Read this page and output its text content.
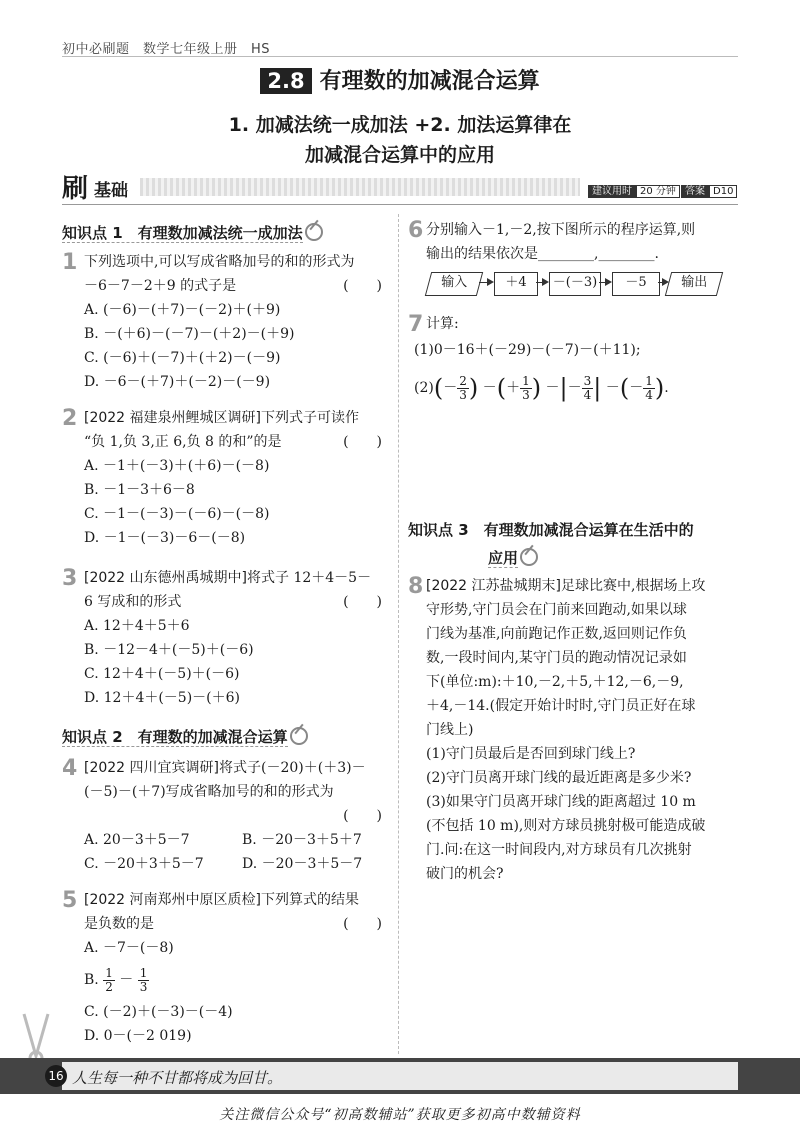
初中必刷题　数学七年级上册　HS
2.8 有理数的加减混合运算
1. 加减法统一成加法 +2. 加法运算律在
加减混合运算中的应用
刷 基础	建议用时 20 分钟 答案 D10
知识点 1　有理数加减法统一成加法
1 下列选项中,可以写成省略加号的和的形式为
－6－7－2＋9 的式子是	(　　)
A. (－6)－(＋7)－(－2)＋(＋9)
B. －(＋6)－(－7)－(＋2)－(＋9)
C. (－6)＋(－7)＋(＋2)－(－9)
D. －6－(＋7)＋(－2)－(－9)
2 [2022 福建泉州鲤城区调研]下列式子可读作
“负 1,负 3,正 6,负 8 的和”的是	(　　)
A. －1＋(－3)＋(＋6)－(－8)
B. －1－3＋6－8
C. －1－(－3)－(－6)－(－8)
D. －1－(－3)－6－(－8)
3 [2022 山东德州禹城期中]将式子 12＋4－5－
6 写成和的形式	(　　)
A. 12＋4＋5＋6
B. －12－4＋(－5)＋(－6)
C. 12＋4＋(－5)＋(－6)
D. 12＋4＋(－5)－(＋6)
知识点 2　有理数的加减混合运算
4 [2022 四川宜宾调研]将式子(－20)＋(＋3)－
(－5)－(＋7)写成省略加号的和的形式为
(　　)
A. 20－3＋5－7	B. －20－3＋5＋7
C. －20＋3＋5－7	D. －20－3＋5－7
5 [2022 河南郑州中原区质检]下列算式的结果
是负数的是	(　　)
A. －7－(－8)
B. $\frac{1}{2} - \frac{1}{3}$
C. (－2)＋(－3)－(－4)
D. 0－(－2 019)
6 分别输入－1,－2,按下图所示的程序运算,则
输出的结果依次是________,________.
输入	＋4	－(－3)	－5	输出
7 计算:
(1)0－16＋(－29)－(－7)－(＋11);
$(2)(- \frac{2}{3}$ ) －(＋ $\frac{1}{3}$ ) －|－ $\frac{3}{4}$ | －(－ $\frac{1}{4}$ ).
知识点 3　有理数加减混合运算在生活中的
应用
8 [2022 江苏盐城期末]足球比赛中,根据场上攻
守形势,守门员会在门前来回跑动,如果以球
门线为基准,向前跑记作正数,返回则记作负
数,一段时间内,某守门员的跑动情况记录如
下(单位:m):＋10,－2,＋5,＋12,－6,－9,
＋4,－14.(假定开始计时时,守门员正好在球
门线上)
(1)守门员最后是否回到球门线上?
(2)守门员离开球门线的最近距离是多少米?
(3)如果守门员离开球门线的距离超过 10 m
(不包括 10 m),则对方球员挑射极可能造成破
门.问:在这一时间段内,对方球员有几次挑射
破门的机会?
16 人生每一种不甘都将成为回甘。
关注微信公众号“初高数辅站”获取更多初高中数辅资料
